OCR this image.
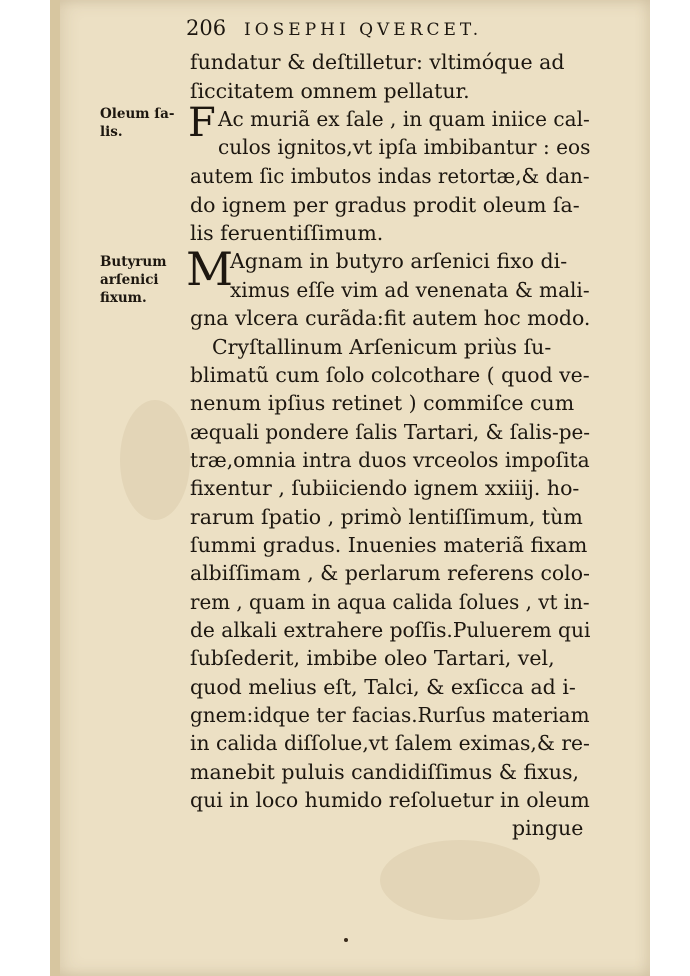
206 IOSEPHI QVERCET.
Oleum ſa-
lis.
Butyrum
arſenici
fixum.
F
M
fundatur & deſtilletur: vltimóque ad
ſiccitatem omnem pellatur.
Ac muriã ex ſale , in quam iniice cal-
culos ignitos,vt ipſa imbibantur : eos
autem ſic imbutos indas retortæ,& dan-
do ignem per gradus prodit oleum ſa-
lis feruentiſſimum.
Agnam in butyro arſenici fixo di-
ximus eſſe vim ad venenata & mali-
gna vlcera curãda:fit autem hoc modo.
Cryſtallinum Arſenicum priùs ſu-
blimatũ cum ſolo colcothare ( quod ve-
nenum ipſius retinet ) commiſce cum
æquali pondere ſalis Tartari, & ſalis-pe-
træ,omnia intra duos vrceolos impoſita
fixentur , ſubiiciendo ignem xxiiij. ho-
rarum ſpatio , primò lentiſſimum, tùm
ſummi gradus. Inuenies materiã fixam
albiſſimam , & perlarum referens colo-
rem , quam in aqua calida ſolues , vt in-
de alkali extrahere poſſis.Puluerem qui
ſubſederit, imbibe oleo Tartari, vel,
quod melius eſt, Talci, & exſicca ad i-
gnem:idque ter facias.Rurſus materiam
in calida diſſolue,vt ſalem eximas,& re-
manebit puluis candidiſſimus & fixus,
qui in loco humido reſoluetur in oleum
pingue
